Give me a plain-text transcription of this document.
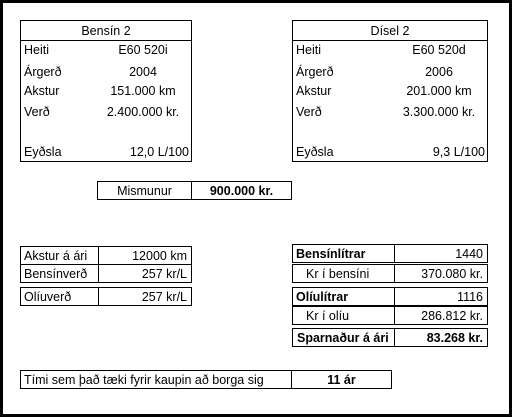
Bensín 2
Heiti	E60 520i
Árgerð	2004
Akstur	151.000 km
Verð	2.400.000 kr.
Eyðsla	12,0 L/100
Dísel 2
Heiti	E60 520d
Árgerð	2006
Akstur	201.000 km
Verð	3.300.000 kr.
Eyðsla	9,3 L/100
Mismunur	900.000 kr.
Akstur á ári	12000 km
Bensínverð	257 kr/L
Olíuverð	257 kr/L
Bensínlítrar	1440
Kr í bensíni	370.080 kr.
Olíulítrar	1116
Kr í olíu	286.812 kr.
Sparnaður á ári	83.268 kr.
Tími sem það tæki fyrir kaupin að borga sig	11 ár
